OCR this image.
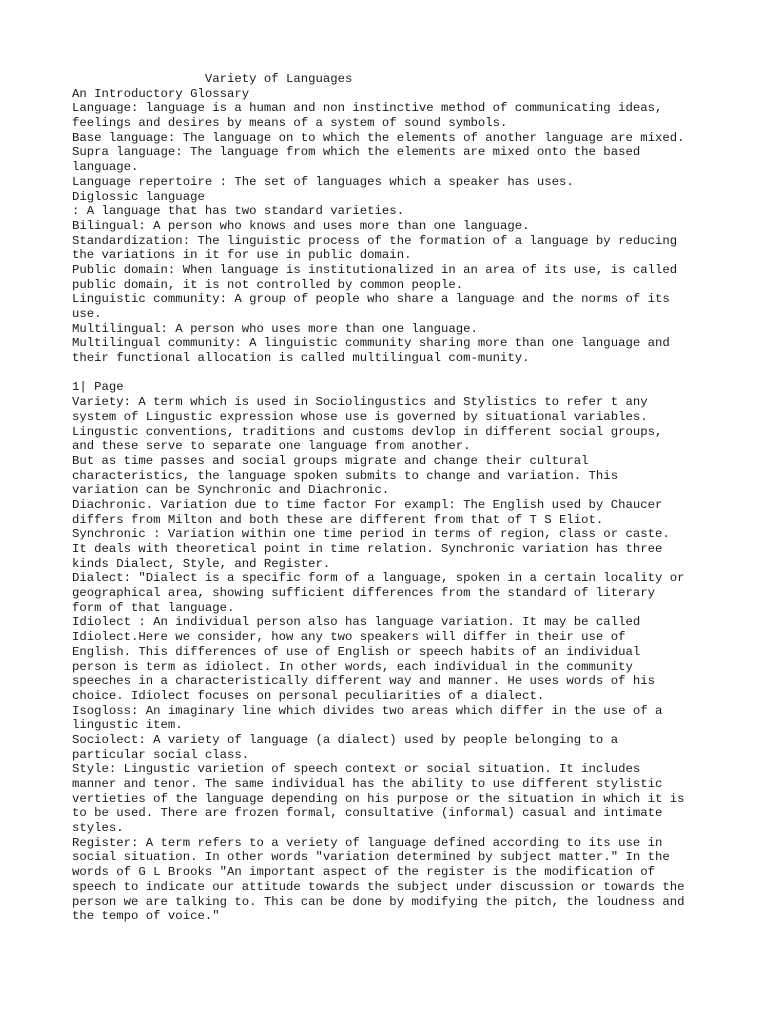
Variety of Languages

An Introductory Glossary

Language: language is a human and non instinctive method of communicating ideas,

feelings and desires by means of a system of sound symbols.

Base language: The language on to which the elements of another language are mixed.

Supra language: The language from which the elements are mixed onto the based

language.

Language repertoire : The set of languages which a speaker has uses.

Diglossic language

: A language that has two standard varieties.

Bilingual: A person who knows and uses more than one language.

Standardization: The linguistic process of the formation of a language by reducing

the variations in it for use in public domain.

Public domain: When language is institutionalized in an area of its use, is called

public domain, it is not controlled by common people.

Linguistic community: A group of people who share a language and the norms of its

use.

Multilingual: A person who uses more than one language.

Multilingual community: A linguistic community sharing more than one language and

their functional allocation is called multilingual com-munity.

1| Page

Variety: A term which is used in Sociolingustics and Stylistics to refer t any

system of Lingustic expression whose use is governed by situational variables.

Lingustic conventions, traditions and customs devlop in different social groups,

and these serve to separate one language from another.

But as time passes and social groups migrate and change their cultural

characteristics, the language spoken submits to change and variation. This

variation can be Synchronic and Diachronic.

Diachronic. Variation due to time factor For exampl: The English used by Chaucer

differs from Milton and both these are different from that of T S Eliot.

Synchronic : Variation within one time period in terms of region, class or caste.

It deals with theoretical point in time relation. Synchronic variation has three

kinds Dialect, Style, and Register.

Dialect: "Dialect is a specific form of a language, spoken in a certain locality or

geographical area, showing sufficient differences from the standard of literary

form of that language.

Idiolect : An individual person also has language variation. It may be called

Idiolect.Here we consider, how any two speakers will differ in their use of

English. This differences of use of English or speech habits of an individual

person is term as idiolect. In other words, each individual in the community

speeches in a characteristically different way and manner. He uses words of his

choice. Idiolect focuses on personal peculiarities of a dialect.

Isogloss: An imaginary line which divides two areas which differ in the use of a

lingustic item.

Sociolect: A variety of language (a dialect) used by people belonging to a

particular social class.

Style: Lingustic varietion of speech context or social situation. It includes

manner and tenor. The same individual has the ability to use different stylistic

vertieties of the language depending on his purpose or the situation in which it is

to be used. There are frozen formal, consultative (informal) casual and intimate

styles.

Register: A term refers to a veriety of language defined according to its use in

social situation. In other words "variation determined by subject matter." In the

words of G L Brooks "An important aspect of the register is the modification of

speech to indicate our attitude towards the subject under discussion or towards the

person we are talking to. This can be done by modifying the pitch, the loudness and

the tempo of voice."
